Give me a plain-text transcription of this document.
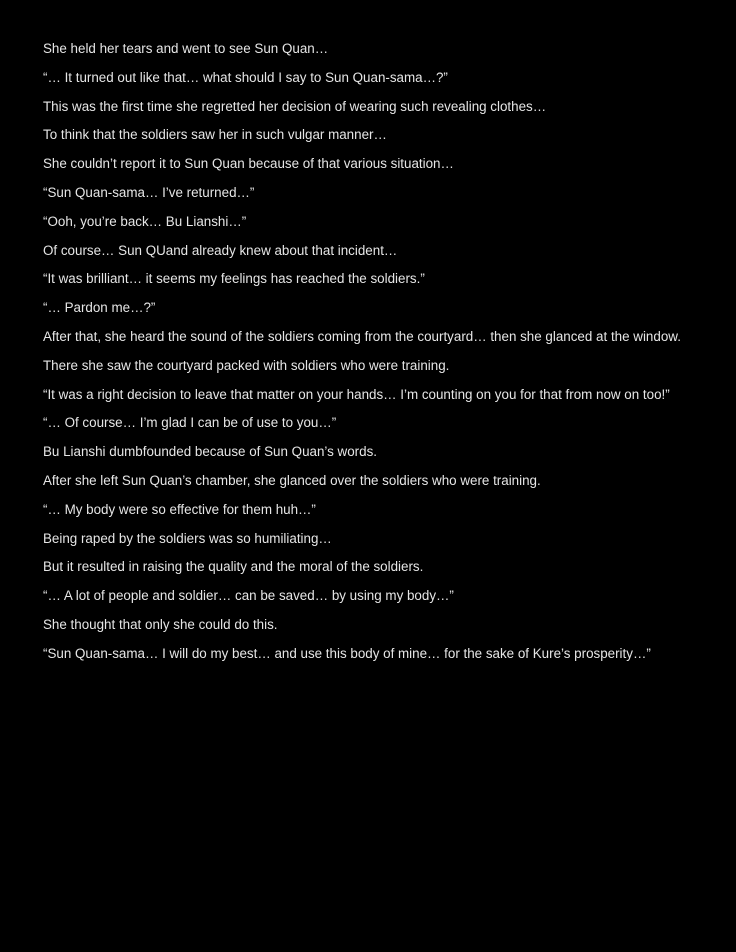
She held her tears and went to see Sun Quan…
“… It turned out like that… what should I say to Sun Quan-sama…?”
This was the first time she regretted her decision of wearing such revealing clothes…
To think that the soldiers saw her in such vulgar manner…
She couldn’t report it to Sun Quan because of that various situation…
“Sun Quan-sama… I’ve returned…”
“Ooh, you’re back… Bu Lianshi…”
Of course… Sun QUand already knew about that incident…
“It was brilliant… it seems my feelings has reached the soldiers.”
“… Pardon me…?”
After that, she heard the sound of the soldiers coming from the courtyard… then she glanced at the window.
There she saw the courtyard packed with soldiers who were training.
“It was a right decision to leave that matter on your hands… I’m counting on you for that from now on too!”
“… Of course… I’m glad I can be of use to you…”
Bu Lianshi dumbfounded because of Sun Quan’s words.
After she left Sun Quan’s chamber, she glanced over the soldiers who were training.
“… My body were so effective for them huh…”
Being raped by the soldiers was so humiliating…
But it resulted in raising the quality and the moral of the soldiers.
“… A lot of people and soldier… can be saved… by using my body…”
She thought that only she could do this.
“Sun Quan-sama… I will do my best… and use this body of mine… for the sake of Kure’s prosperity…”
